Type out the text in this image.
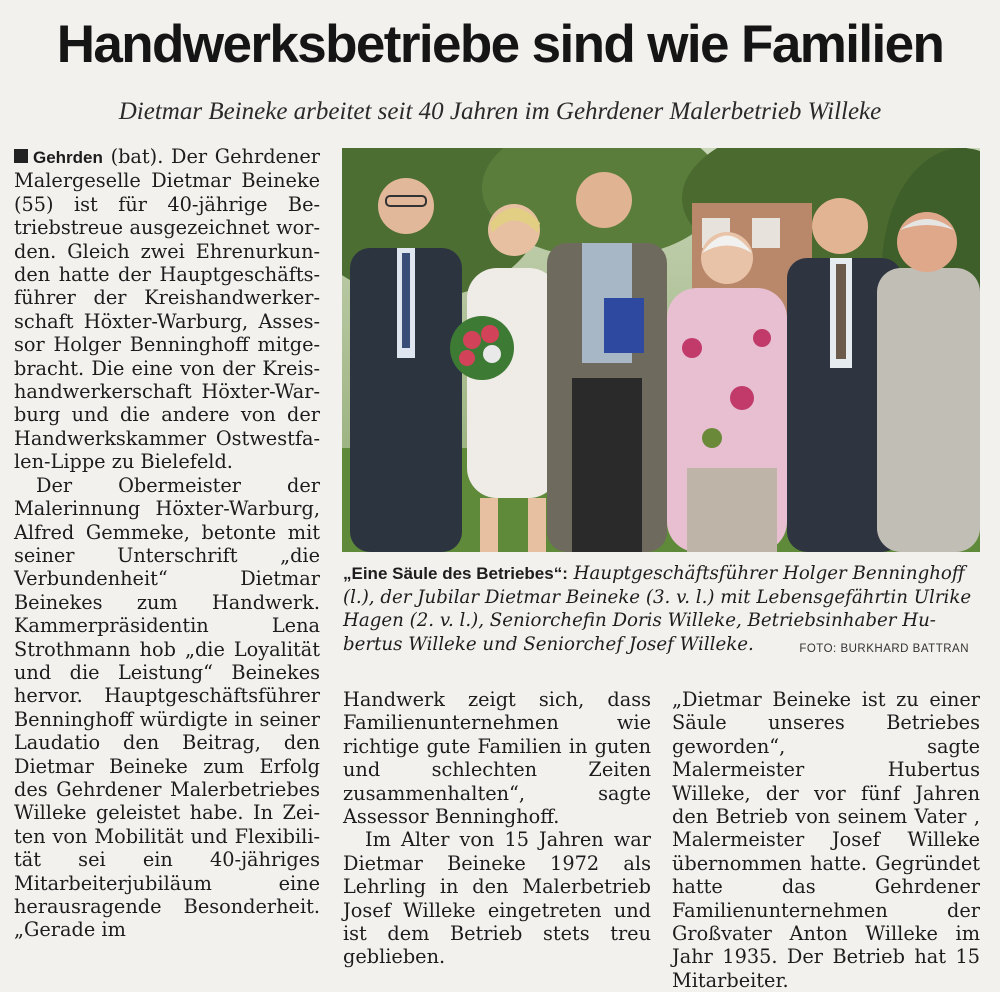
Handwerksbetriebe sind wie Familien
Dietmar Beineke arbeitet seit 40 Jahren im Gehrdener Malerbetrieb Willeke

Gehrden (bat). Der Gehrdener Malergeselle Dietmar Beineke (55) ist für 40-jährige Betriebstreue ausgezeichnet worden. Gleich zwei Ehrenurkunden hatte der Hauptgeschäftsführer der Kreishandwerkerschaft Höxter-Warburg, Assessor Holger Benninghoff mitgebracht. Die eine von der Kreishandwerkerschaft Höxter-Warburg und die andere von der Handwerkskammer Ostwestfalen-Lippe zu Bielefeld.

Der Obermeister der Malerinnung Höxter-Warburg, Alfred Gemmeke, betonte mit seiner Unterschrift „die Verbundenheit“ Dietmar Beinekes zum Handwerk. Kammerpräsidentin Lena Strothmann hob „die Loyalität und die Leistung“ Beinekes hervor. Hauptgeschäftsführer Benninghoff würdigte in seiner Laudatio den Beitrag, den Dietmar Beineke zum Erfolg des Gehrdener Malerbetriebes Willeke geleistet habe. In Zeiten von Mobilität und Flexibilität sei ein 40-jähriges Mitarbeiterjubiläum eine herausragende Besonderheit. „Gerade im

„Eine Säule des Betriebes“: Hauptgeschäftsführer Holger Benninghoff (l.), der Jubilar Dietmar Beineke (3. v. l.) mit Lebensgefährtin Ulrike Hagen (2. v. l.), Seniorchefin Doris Willeke, Betriebsinhaber Hubertus Willeke und Seniorchef Josef Willeke.	FOTO: BURKHARD BATTRAN

Handwerk zeigt sich, dass Familienunternehmen wie richtige gute Familien in guten und schlechten Zeiten zusammenhalten“, sagte Assessor Benninghoff.

Im Alter von 15 Jahren war Dietmar Beineke 1972 als Lehrling in den Malerbetrieb Josef Willeke eingetreten und ist dem Betrieb stets treu geblieben.

„Dietmar Beineke ist zu einer Säule unseres Betriebes geworden“, sagte Malermeister Hubertus Willeke, der vor fünf Jahren den Betrieb von seinem Vater , Malermeister Josef Willeke übernommen hatte. Gegründet hatte das Gehrdener Familienunternehmen der Großvater Anton Willeke im Jahr 1935. Der Betrieb hat 15 Mitarbeiter.
